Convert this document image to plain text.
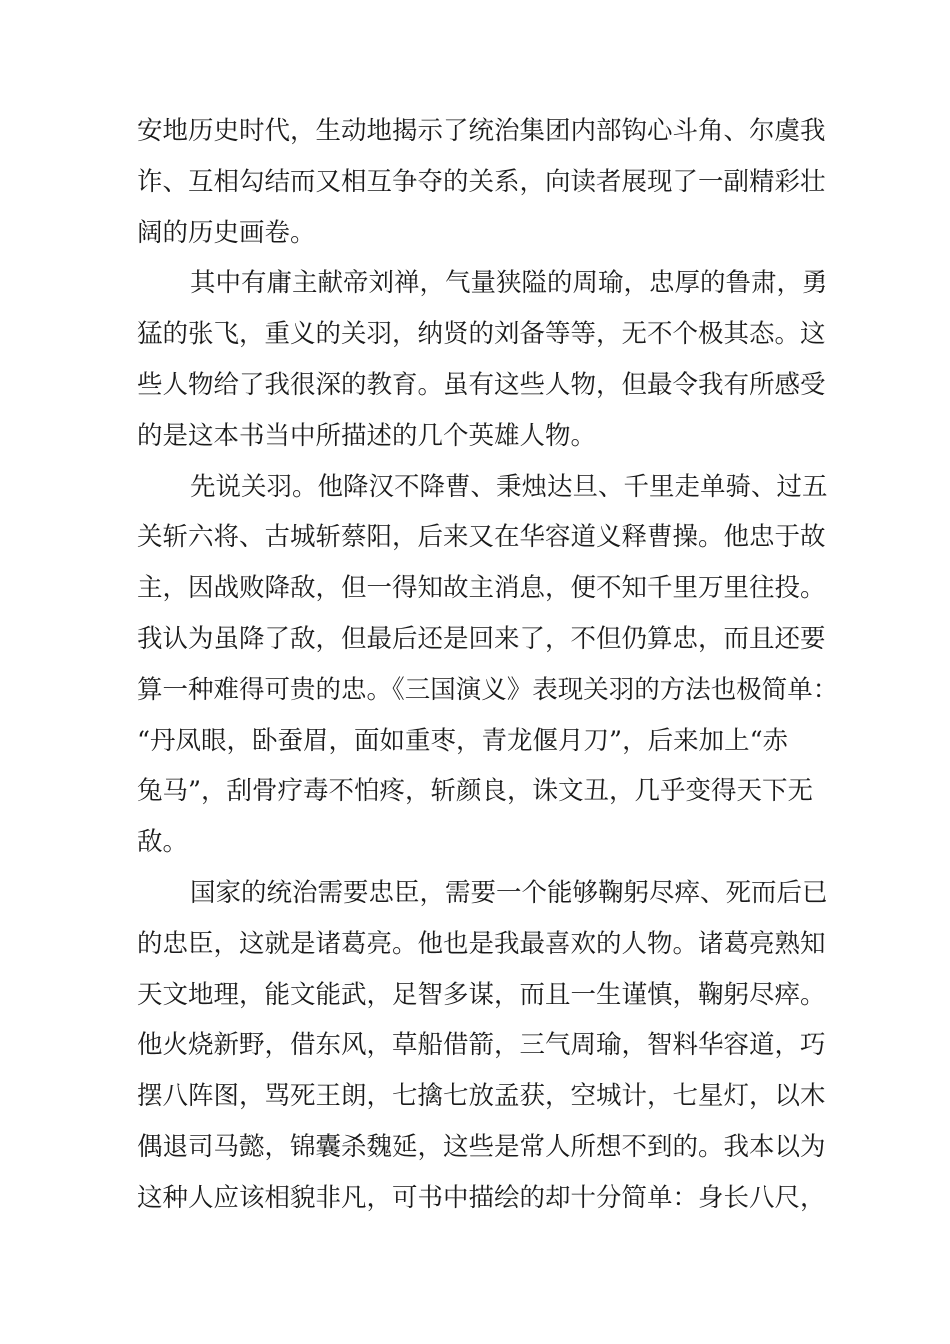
安地历史时代，生动地揭示了统治集团内部钩心斗角、尔虞我
诈、互相勾结而又相互争夺的关系，向读者展现了一副精彩壮
阔的历史画卷。
其中有庸主献帝刘禅，气量狭隘的周瑜，忠厚的鲁肃，勇
猛的张飞，重义的关羽，纳贤的刘备等等，无不个极其态。这
些人物给了我很深的教育。虽有这些人物，但最令我有所感受
的是这本书当中所描述的几个英雄人物。
先说关羽。他降汉不降曹、秉烛达旦、千里走单骑、过五
关斩六将、古城斩蔡阳，后来又在华容道义释曹操。他忠于故
主，因战败降敌，但一得知故主消息，便不知千里万里往投。
我认为虽降了敌，但最后还是回来了，不但仍算忠，而且还要
算一种难得可贵的忠。《三国演义》表现关羽的方法也极简单：
“丹凤眼，卧蚕眉，面如重枣，青龙偃月刀”，后来加上“赤
兔马”，刮骨疗毒不怕疼，斩颜良，诛文丑，几乎变得天下无
敌。
国家的统治需要忠臣，需要一个能够鞠躬尽瘁、死而后已
的忠臣，这就是诸葛亮。他也是我最喜欢的人物。诸葛亮熟知
天文地理，能文能武，足智多谋，而且一生谨慎，鞠躬尽瘁。
他火烧新野，借东风，草船借箭，三气周瑜，智料华容道，巧
摆八阵图，骂死王朗，七擒七放孟获，空城计，七星灯，以木
偶退司马懿，锦囊杀魏延，这些是常人所想不到的。我本以为
这种人应该相貌非凡，可书中描绘的却十分简单：身长八尺，
